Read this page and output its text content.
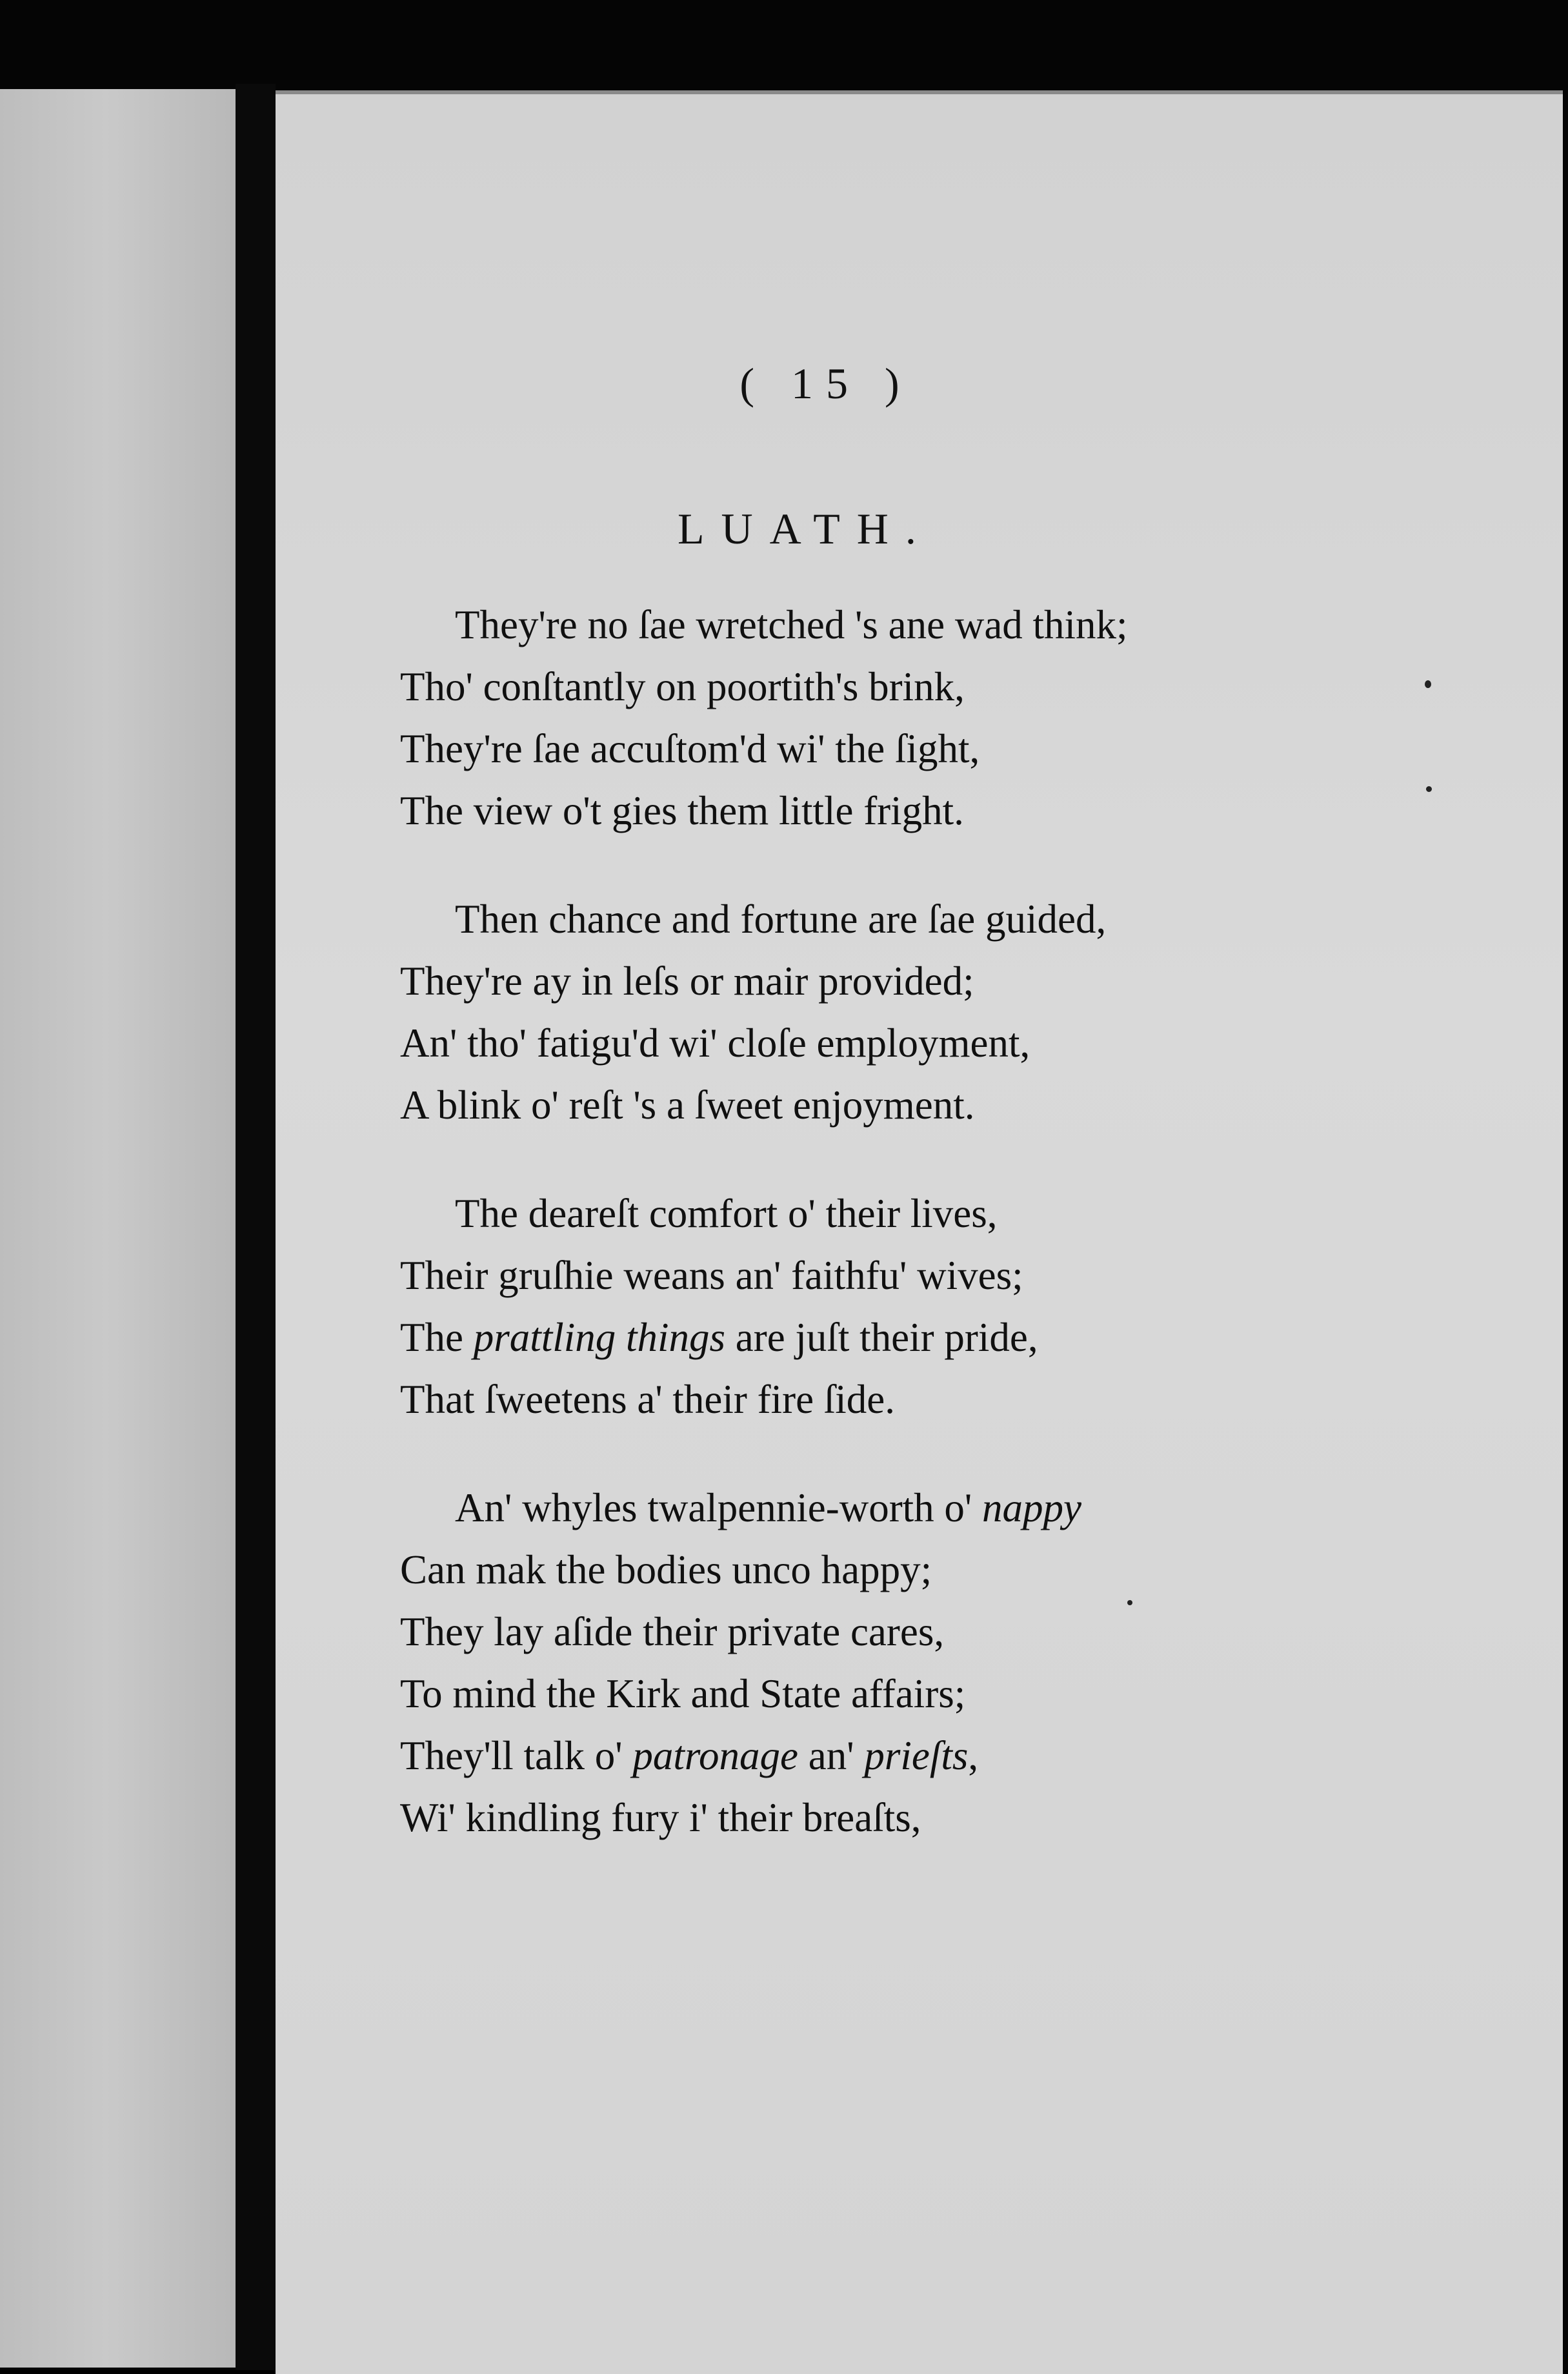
( 15 )
LUATH.
They're no ſae wretched 's ane wad think;
Tho' conſtantly on poortith's brink,
They're ſae accuſtom'd wi' the ſight,
The view o't gies them little fright.
Then chance and fortune are ſae guided,
They're ay in leſs or mair provided;
An' tho' fatigu'd wi' cloſe employment,
A blink o' reſt 's a ſweet enjoyment.
The deareſt comfort o' their lives,
Their gruſhie weans an' faithfu' wives;
The prattling things are juſt their pride,
That ſweetens a' their fire ſide.
An' whyles twalpennie-worth o' nappy
Can mak the bodies unco happy;
They lay aſide their private cares,
To mind the Kirk and State affairs;
They'll talk o' patronage an' prieſts,
Wi' kindling fury i' their breaſts,
